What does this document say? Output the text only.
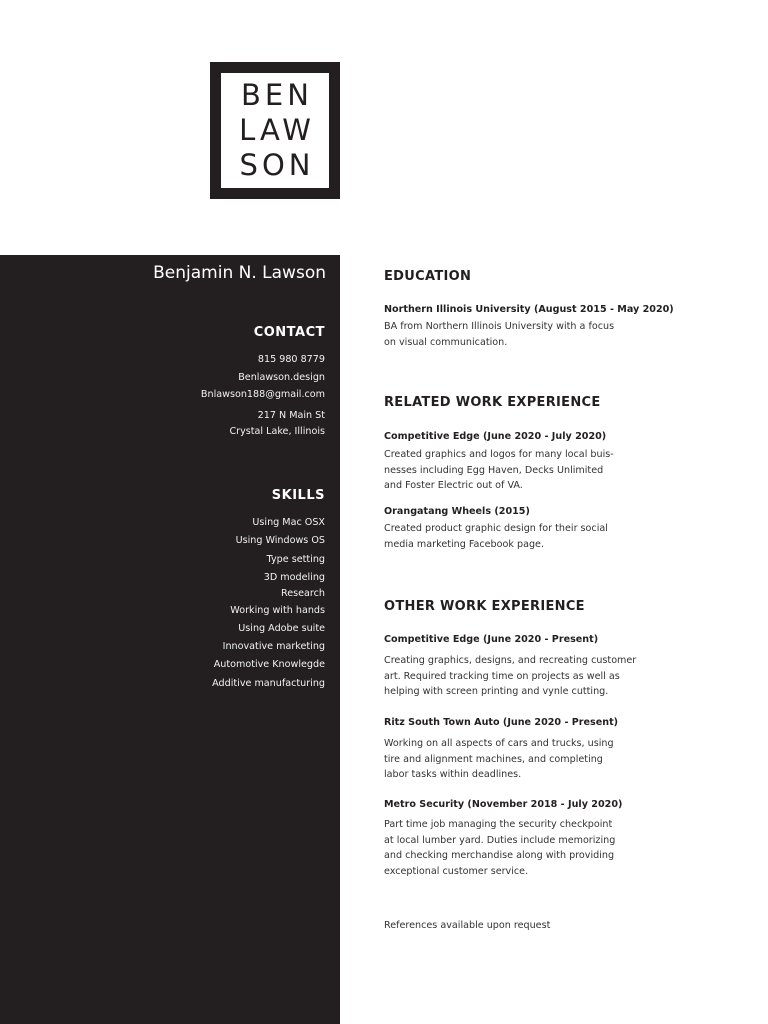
BEN
LAW
SON
Benjamin N. Lawson
CONTACT
815 980 8779
Benlawson.design
Bnlawson188@gmail.com
217 N Main St
Crystal Lake, Illinois
SKILLS
Using Mac OSX
Using Windows OS
Type setting
3D modeling
Research
Working with hands
Using Adobe suite
Innovative marketing
Automotive Knowlegde
Additive manufacturing
EDUCATION
Northern Illinois University (August 2015 - May 2020)
BA from Northern Illinois University with a focus
on visual communication.
RELATED WORK EXPERIENCE
Competitive Edge (June 2020 - July 2020)
Created graphics and logos for many local buis-
nesses including Egg Haven, Decks Unlimited
and Foster Electric out of VA.
Orangatang Wheels (2015)
Created product graphic design for their social
media marketing Facebook page.
OTHER WORK EXPERIENCE
Competitive Edge (June 2020 - Present)
Creating graphics, designs, and recreating customer
art. Required tracking time on projects as well as
helping with screen printing and vynle cutting.
Ritz South Town Auto (June 2020 - Present)
Working on all aspects of cars and trucks, using
tire and alignment machines, and completing
labor tasks within deadlines.
Metro Security (November 2018 - July 2020)
Part time job managing the security checkpoint
at local lumber yard. Duties include memorizing
and checking merchandise along with providing
exceptional customer service.
References available upon request
